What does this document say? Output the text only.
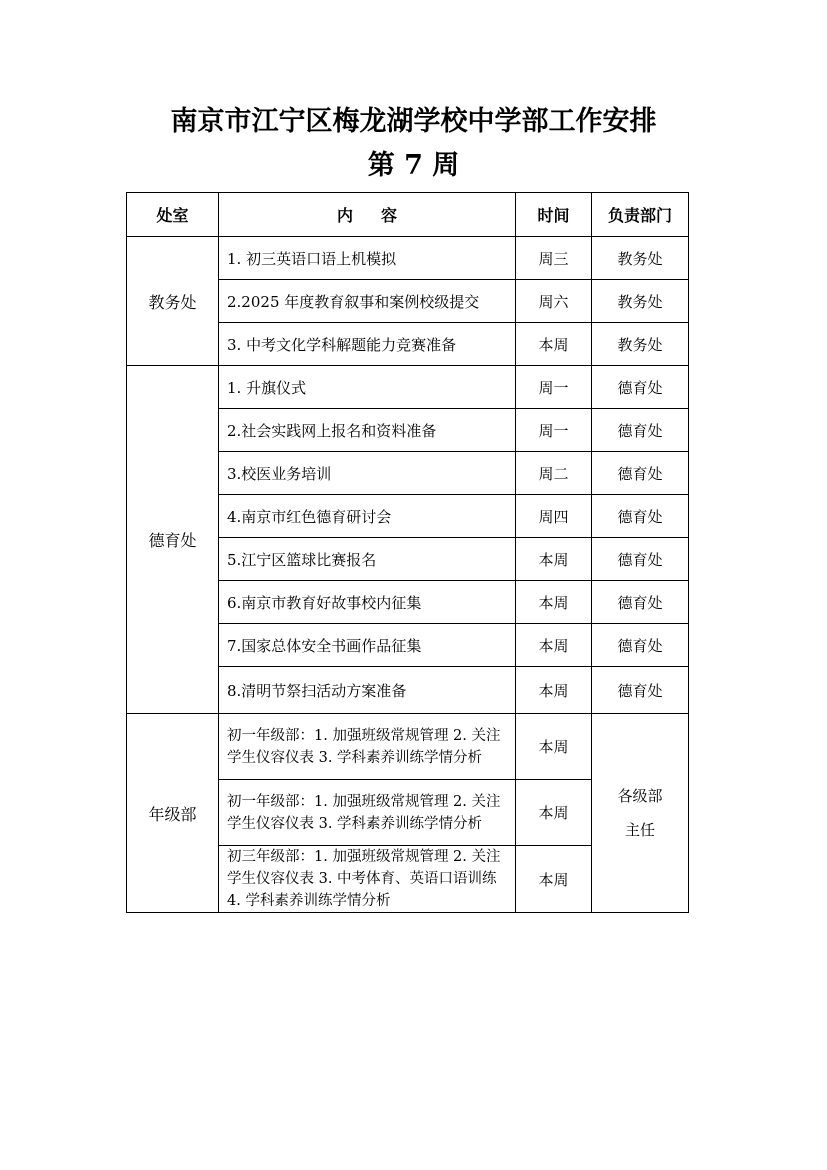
南京市江宁区梅龙湖学校中学部工作安排
第 7 周
处室	内 容	时间	负责部门
教务处	1. 初三英语口语上机模拟	周三	教务处
	2.2025 年度教育叙事和案例校级提交	周六	教务处
	3. 中考文化学科解题能力竞赛准备	本周	教务处
德育处	1. 升旗仪式	周一	德育处
	2.社会实践网上报名和资料准备	周一	德育处
	3.校医业务培训	周二	德育处
	4.南京市红色德育研讨会	周四	德育处
	5.江宁区篮球比赛报名	本周	德育处
	6.南京市教育好故事校内征集	本周	德育处
	7.国家总体安全书画作品征集	本周	德育处
	8.清明节祭扫活动方案准备	本周	德育处
年级部	初一年级部：1. 加强班级常规管理 2. 关注学生仪容仪表 3. 学科素养训练学情分析	本周	各级部
主任
	初一年级部：1. 加强班级常规管理 2. 关注学生仪容仪表 3. 学科素养训练学情分析	本周	
	初三年级部：1. 加强班级常规管理 2. 关注学生仪容仪表 3. 中考体育、英语口语训练 4. 学科素养训练学情分析	本周	
